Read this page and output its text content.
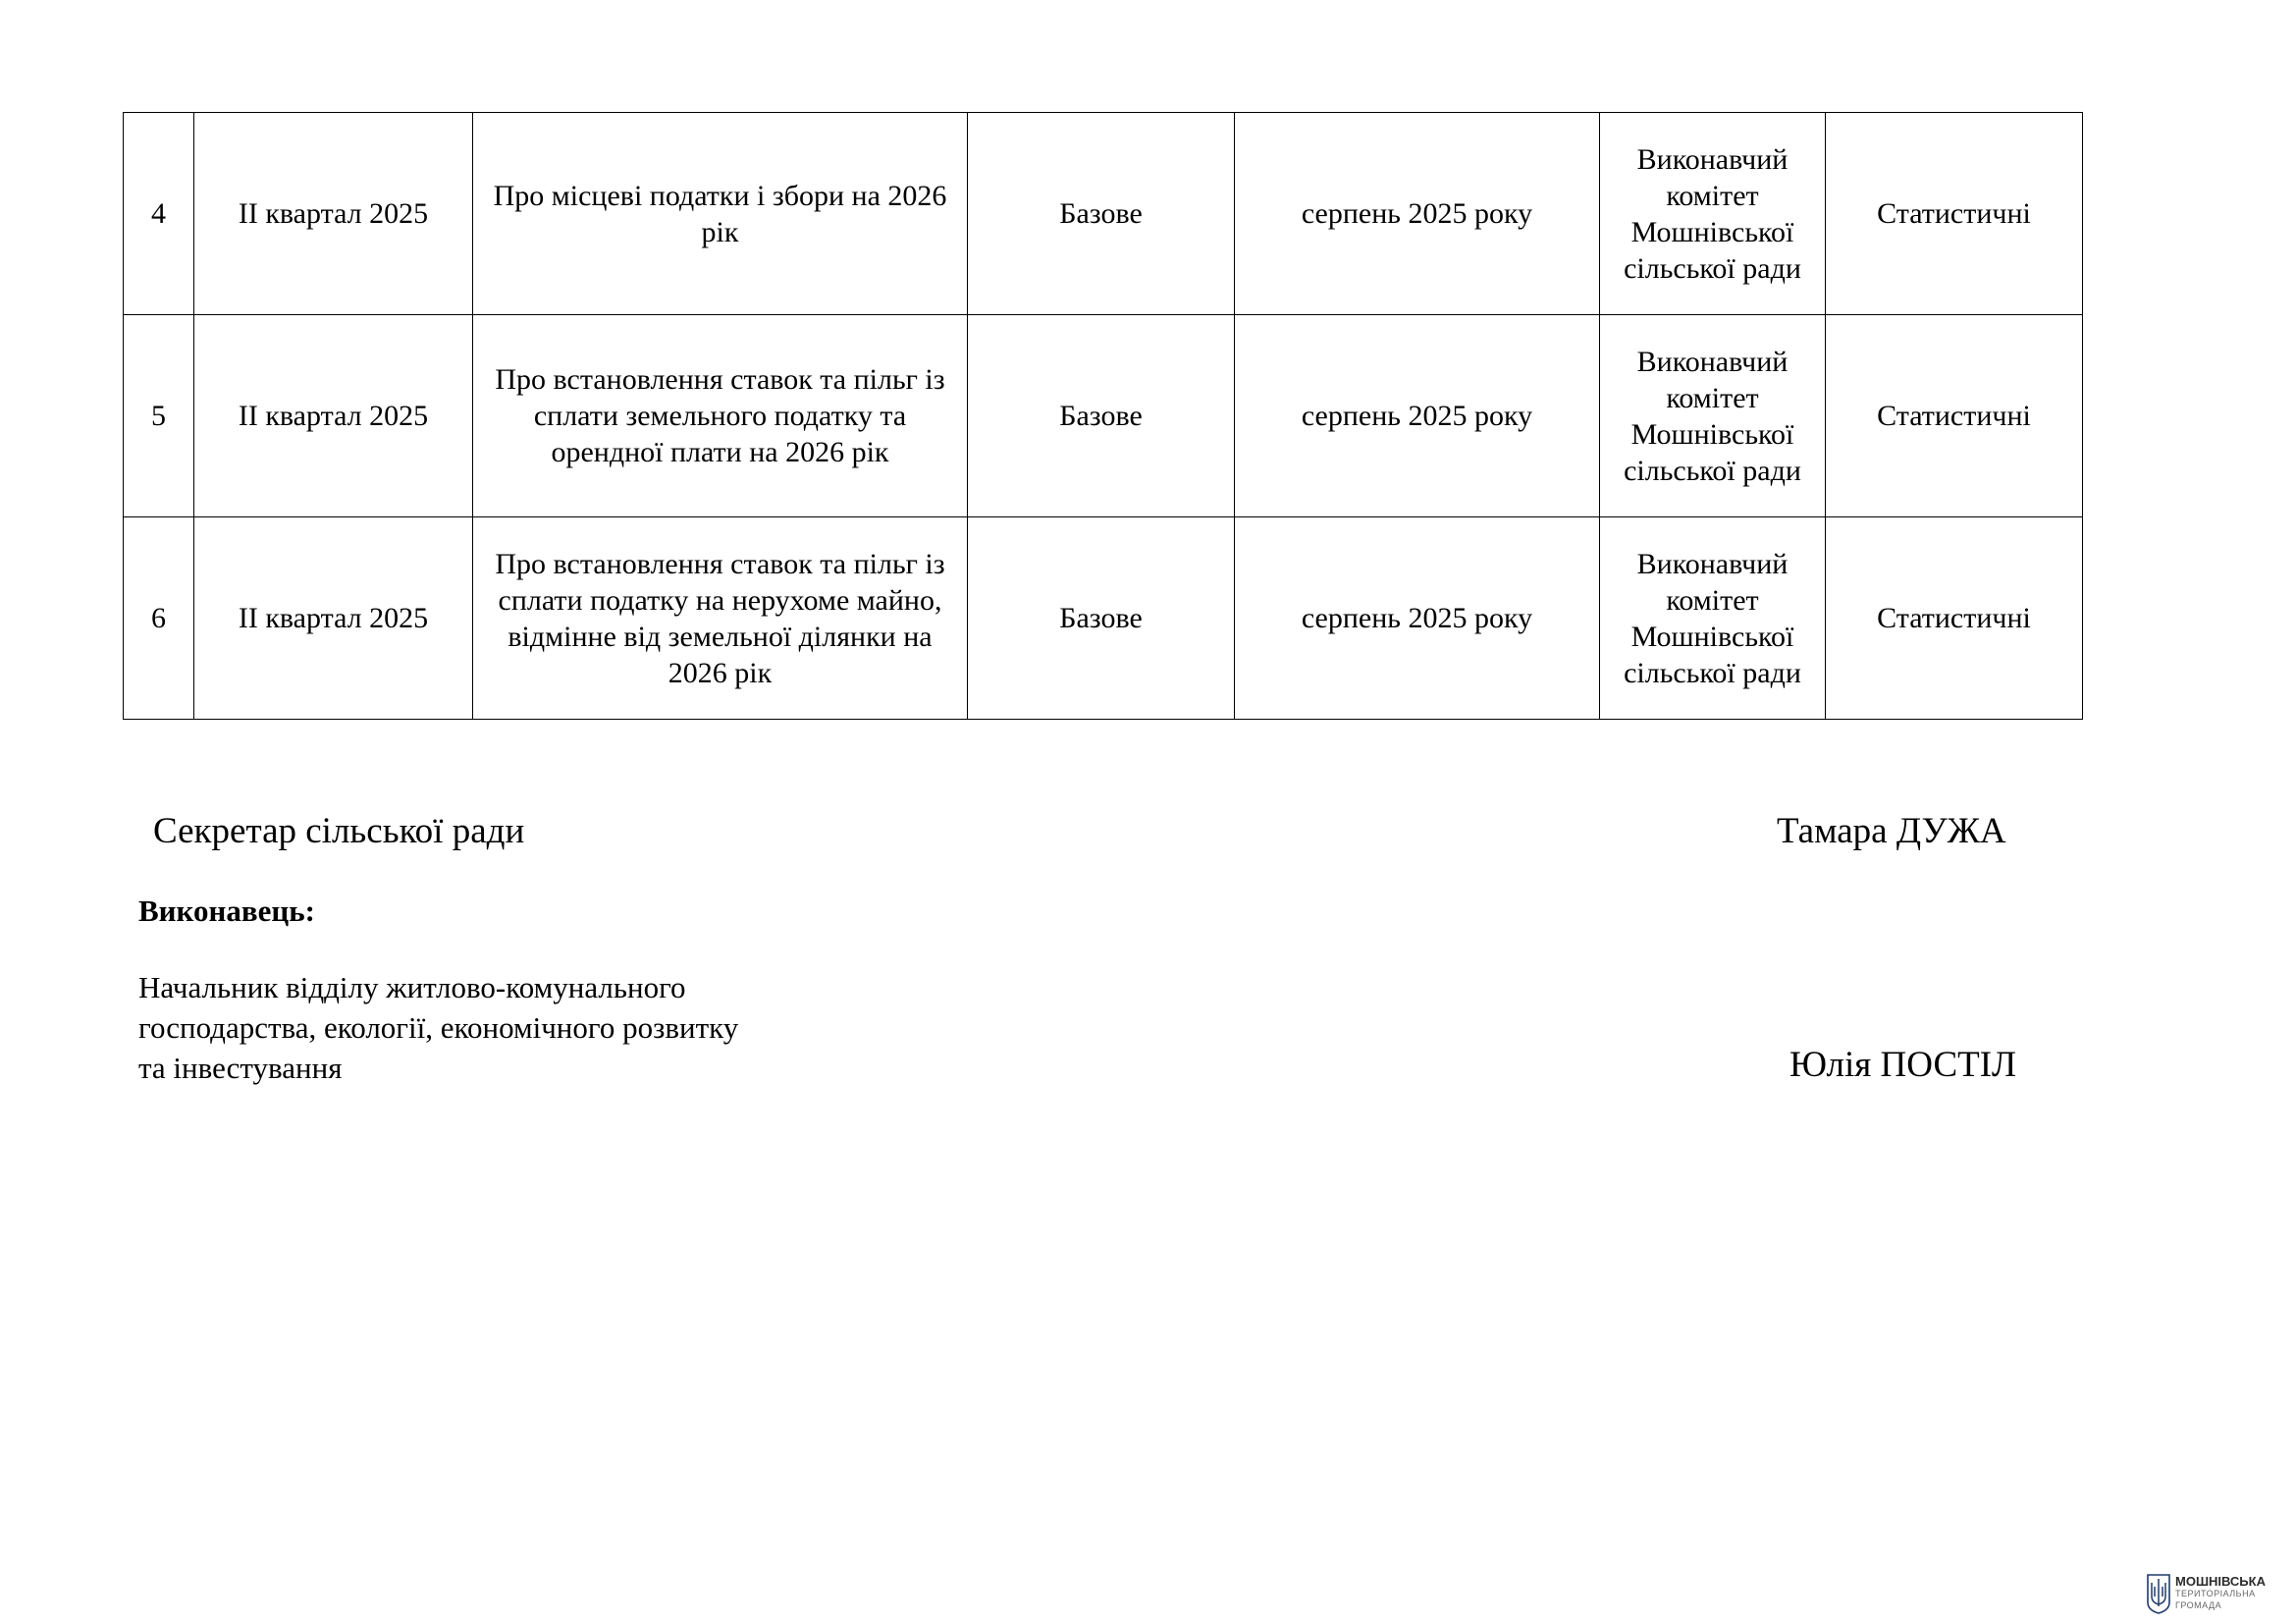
4	ІІ квартал 2025	Про місцеві податки і збори на 2026 рік	Базове	серпень 2025 року	Виконавчий комітет Мошнівської сільської ради	Статистичні
5	ІІ квартал 2025	Про встановлення ставок та пільг із сплати земельного податку та орендної плати на 2026 рік	Базове	серпень 2025 року	Виконавчий комітет Мошнівської сільської ради	Статистичні
6	ІІ квартал 2025	Про встановлення ставок та пільг із сплати податку на нерухоме майно, відмінне від земельної ділянки на 2026 рік	Базове	серпень 2025 року	Виконавчий комітет Мошнівської сільської ради	Статистичні
Секретар сільської ради	Тамара ДУЖА
Виконавець:
Начальник відділу житлово-комунального
господарства, екології, економічного розвитку
та інвестування	Юлія ПОСТІЛ
МОШНІВСЬКА
ТЕРИТОРІАЛЬНА
ГРОМАДА
